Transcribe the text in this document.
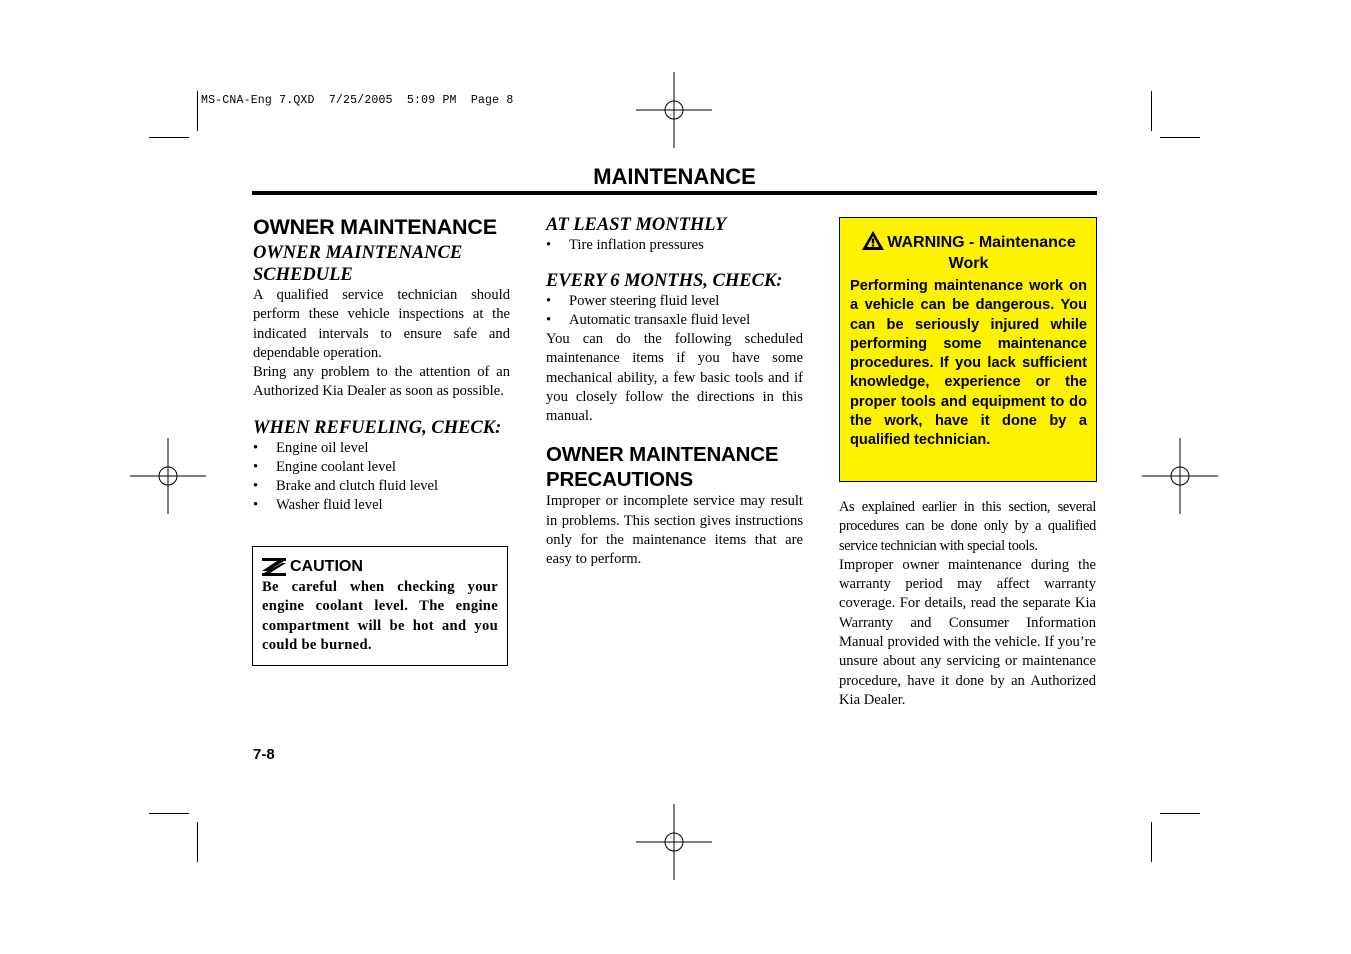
MS-CNA-Eng 7.QXD  7/25/2005  5:09 PM  Page 8
MAINTENANCE
OWNER MAINTENANCE
OWNER MAINTENANCE SCHEDULE

A qualified service technician should perform these vehicle inspections at the indicated intervals to ensure safe and dependable operation.

Bring any problem to the attention of an Authorized Kia Dealer as soon as possible.

WHEN REFUELING, CHECK:
• Engine oil level
• Engine coolant level
• Brake and clutch fluid level
• Washer fluid level
CAUTION
Be careful when checking your engine coolant level. The engine compartment will be hot and you could be burned.
AT LEAST MONTHLY
• Tire inflation pressures
EVERY 6 MONTHS, CHECK:
• Power steering fluid level
• Automatic transaxle fluid level

You can do the following scheduled maintenance items if you have some mechanical ability, a few basic tools and if you closely follow the directions in this manual.

OWNER MAINTENANCE PRECAUTIONS

Improper or incomplete service may result in problems. This section gives instructions only for the maintenance items that are easy to perform.

WARNING - Maintenance Work
Performing maintenance work on a vehicle can be dangerous. You can be seriously injured while performing some maintenance procedures. If you lack sufficient knowledge, experience or the proper tools and equipment to do the work, have it done by a qualified technician.

As explained earlier in this section, several procedures can be done only by a qualified service technician with special tools.

Improper owner maintenance during the warranty period may affect warranty coverage. For details, read the separate Kia Warranty and Consumer Information Manual provided with the vehicle. If you’re unsure about any servicing or maintenance procedure, have it done by an Authorized Kia Dealer.

7-8
